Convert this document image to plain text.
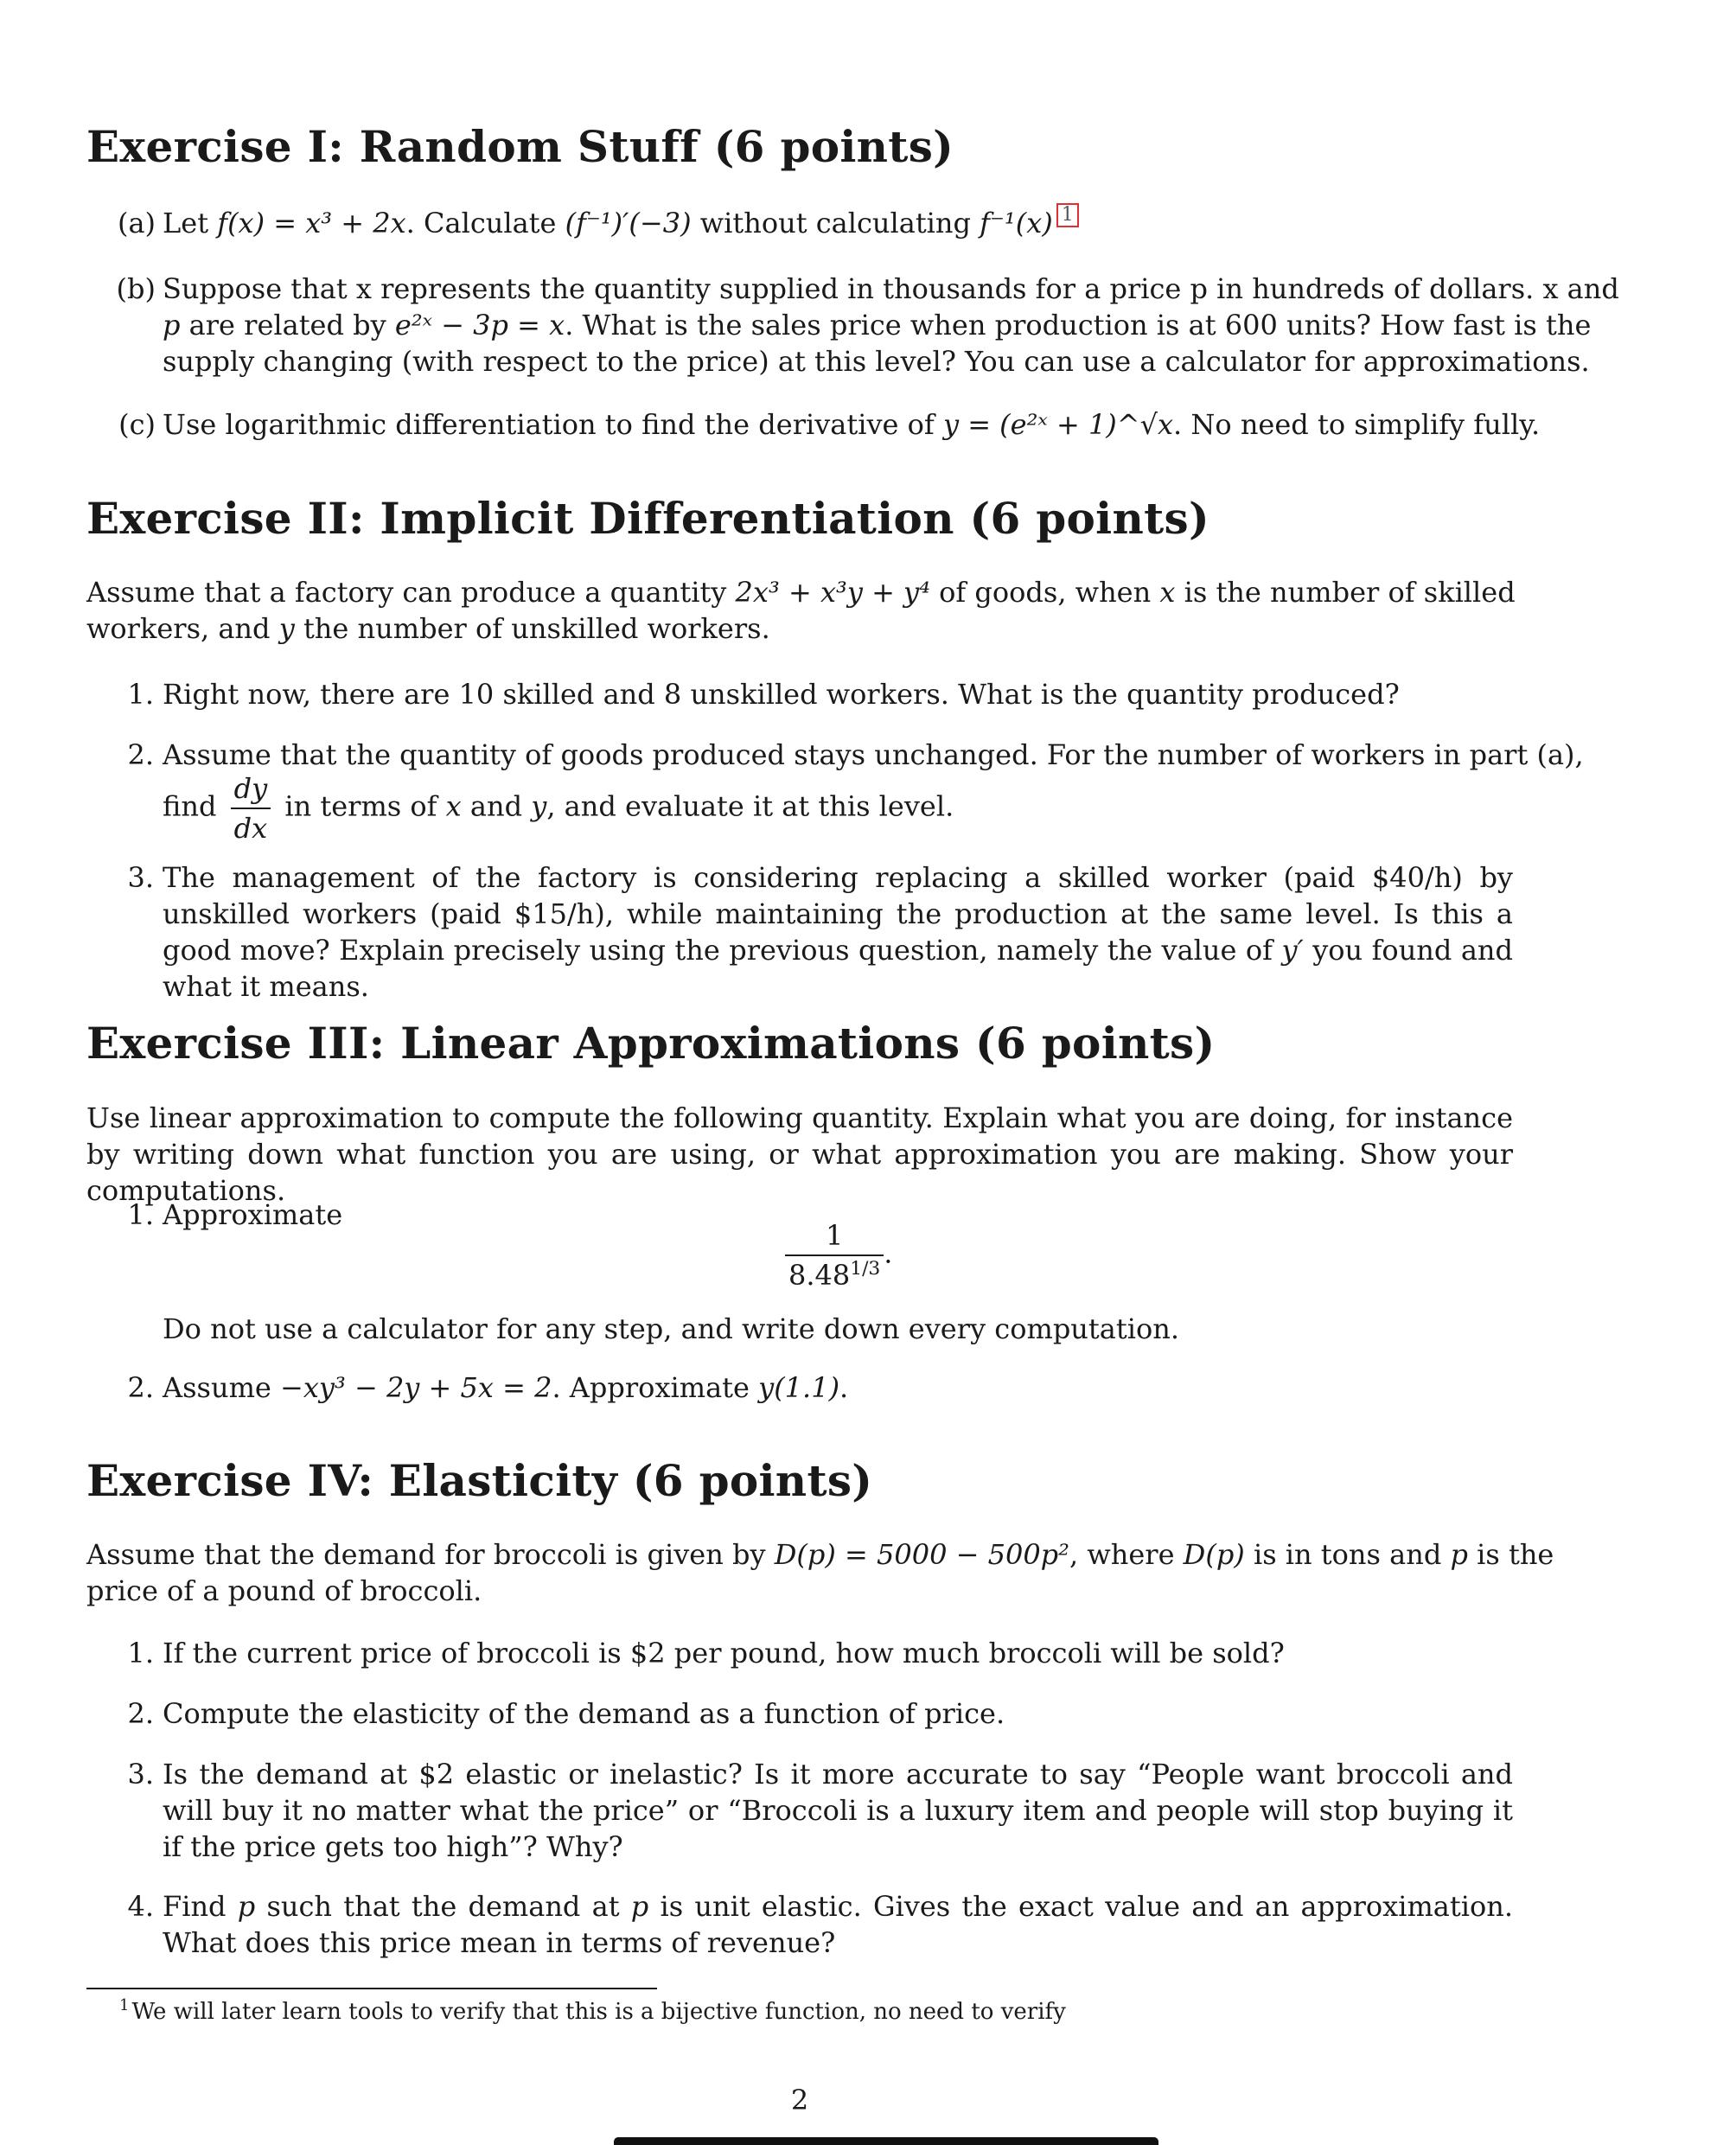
Exercise I: Random Stuff (6 points)
(a) Let f(x) = x³ + 2x. Calculate (f⁻¹)′(−3) without calculating f⁻¹(x) 1
(b) Suppose that x represents the quantity supplied in thousands for a price p in hundreds of dollars. x and
p are related by e²ˣ − 3p = x. What is the sales price when production is at 600 units? How fast is the
supply changing (with respect to the price) at this level? You can use a calculator for approximations.
(c) Use logarithmic differentiation to find the derivative of y = (e²ˣ + 1)^√x. No need to simplify fully.
Exercise II: Implicit Differentiation (6 points)
Assume that a factory can produce a quantity 2x³ + x³y + y⁴ of goods, when x is the number of skilled
workers, and y the number of unskilled workers.
1. Right now, there are 10 skilled and 8 unskilled workers. What is the quantity produced?
2. Assume that the quantity of goods produced stays unchanged. For the number of workers in part (a),
find $\frac{dy}{dx}$ in terms of x and y, and evaluate it at this level.
3. The management of the factory is considering replacing a skilled worker (paid $40/h) by unskilled workers (paid $15/h), while maintaining the production at the same level. Is this a good move? Explain precisely using the previous question, namely the value of y′ you found and what it means.
Exercise III: Linear Approximations (6 points)
Use linear approximation to compute the following quantity. Explain what you are doing, for instance by writing down what function you are using, or what approximation you are making. Show your computations.
1. Approximate
$\frac{1}{8.48^{1/3}}$ .
Do not use a calculator for any step, and write down every computation.
2. Assume −xy³ − 2y + 5x = 2. Approximate y(1.1).
Exercise IV: Elasticity (6 points)
Assume that the demand for broccoli is given by D(p) = 5000 − 500p², where D(p) is in tons and p is the
price of a pound of broccoli.
1. If the current price of broccoli is $2 per pound, how much broccoli will be sold?
2. Compute the elasticity of the demand as a function of price.
3. Is the demand at $2 elastic or inelastic? Is it more accurate to say “People want broccoli and will buy it no matter what the price” or “Broccoli is a luxury item and people will stop buying it if the price gets too high”? Why?
4. Find p such that the demand at p is unit elastic. Gives the exact value and an approximation. What does this price mean in terms of revenue?
$^1$ We will later learn tools to verify that this is a bijective function, no need to verify
2
